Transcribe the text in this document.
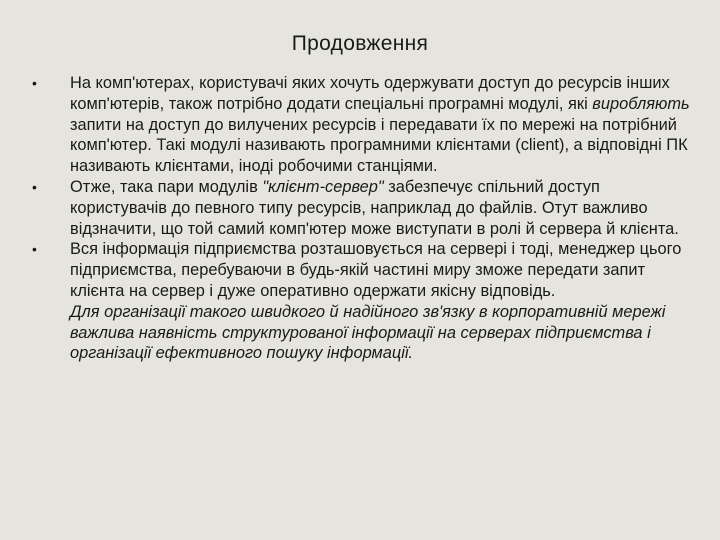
Продовження
• На комп'ютерах, користувачі яких хочуть одержувати доступ до ресурсів інших комп'ютерів, також потрібно додати спеціальні програмні модулі, які виробляють запити на доступ до вилучених ресурсів і передавати їх по мережі на потрібний комп'ютер. Такі модулі називають програмними клієнтами (client), а відповідні ПК називають клієнтами, іноді робочими станціями.
• Отже, така пари модулів "клієнт-сервер" забезпечує спільний доступ користувачів до певного типу ресурсів, наприклад до файлів. Отут важливо відзначити, що той самий комп'ютер може виступати в ролі й сервера й клієнта.
• Вся інформація підприємства розташовується на сервері і тоді, менеджер цього підприємства, перебуваючи в будь-якій частині миру зможе передати запит клієнта на сервер і дуже оперативно одержати якісну відповідь.
Для організації такого швидкого й надійного зв'язку в корпоративній мережі важлива наявність структурованої інформації на серверах підприємства і організації ефективного пошуку інформації.
